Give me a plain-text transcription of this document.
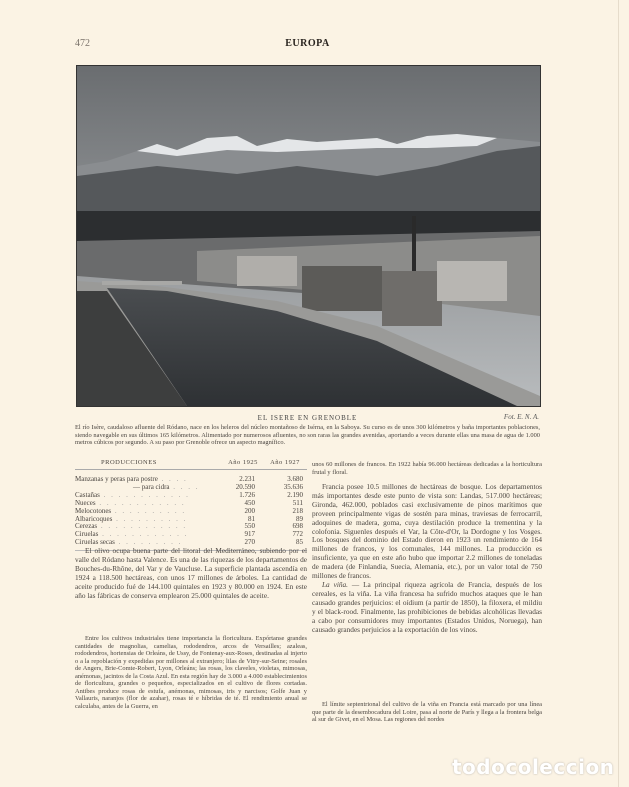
472	EUROPA
EL ISERE EN GRENOBLE	Fot. E. N. A.
El río Isère, caudaloso afluente del Ródano, nace en los heleros del núcleo montañoso de Isérna, en la Saboya. Su curso es de unos 300 kilómetros y baña importantes poblaciones, siendo navegable en sus últimos 165 kilómetros. Alimentado por numerosos afluentes, no son raras las grandes avenidas, aportando a veces durante ellas una masa de agua de 1.000 metros cúbicos por segundo. A su paso por Grenoble ofrece un aspecto magnífico.
PRODUCCIONES	Año 1925	Año 1927
Manzanas y peras para postre . . . .	2.231	3.680
— para cidra . . . .	20.590	35.636
Castañas . . . . . . . . . . . .	1.726	2.190
Nueces . . . . . . . . . . . .	450	511
Melocotones . . . . . . . . . .	200	218
Albaricoques . . . . . . . . . .	81	89
Cerezas . . . . . . . . . . . .	550	698
Ciruelas . . . . . . . . . . . .	917	772
Ciruelas secas . . . . . . . . .	270	85

El olivo ocupa buena parte del litoral del Mediterráneo, subiendo por el valle del Ródano hasta Valence. Es una de las riquezas de los departamentos de Bouches-du-Rhône, del Var y de Vaucluse. La superficie plantada ascendía en 1924 a 118.500 hectáreas, con unos 17 millones de árboles. La cantidad de aceite producido fué de 144.100 quintales en 1923 y 80.000 en 1924. En este año las fábricas de conserva emplearon 25.000 quintales de aceite.

Entre los cultivos industriales tiene importancia la floricultura. Expórtanse grandes cantidades de magnolias, camelias, rododendros, arcos de Versailles; azaleas, rododendros, hortensias de Orleáns, de Ussy, de Fontenay-aux-Roses, destinadas al injerto o a la repoblación y expedidas por millones al extranjero; lilas de Vitry-sur-Seine; rosales de Angers, Brie-Comte-Robert, Lyon, Orleáns; las rosas, los claveles, violetas, mimosas, anémonas, jacintos de la Costa Azul. En esta región hay de 3.000 a 4.000 establecimientos de floricultura, grandes o pequeños, especializados en el cultivo de flores cortadas. Antibes produce rosas de estufa, anémonas, mimosas, iris y narcisos; Golfe Juan y Vallauris, naranjos (flor de azahar), rosas té e híbridas de té. El rendimiento anual se calculaba, antes de la Guerra, en

unos 60 millones de francos. En 1922 había 96.000 hectáreas dedicadas a la horticultura frutal y floral.

Francia posee 10.5 millones de hectáreas de bosque. Los departamentos más importantes desde este punto de vista son: Landas, 517.000 hectáreas; Gironda, 462.000, poblados casi exclusivamente de pinos marítimos que proveen principalmente vigas de sostén para minas, traviesas de ferrocarril, adoquines de madera, goma, cuya destilación produce la trementina y la colofonia. Siguenles después el Var, la Côte-d'Or, la Dordogne y los Vosges. Los bosques del dominio del Estado dieron en 1923 un rendimiento de 164 millones de francos, y los comunales, 144 millones. La producción es insuficiente, ya que en este año hubo que importar 2.2 millones de toneladas de madera (de Finlandia, Suecia, Alemania, etc.), por un valor total de 750 millones de francos.

La viña. — La principal riqueza agrícola de Francia, después de los cereales, es la viña. La viña francesa ha sufrido muchos ataques que le han causado grandes perjuicios: el oídium (a partir de 1850), la filoxera, el mildiu y el black-rood. Finalmente, las prohibiciones de bebidas alcohólicas llevadas a cabo por consumidores muy importantes (Estados Unidos, Noruega), han causado grandes perjuicios a la exportación de los vinos.

El límite septentrional del cultivo de la viña en Francia está marcado por una línea que parte de la desembocadura del Loire, pasa al norte de París y llega a la frontera belga al sur de Givet, en el Mosa. Las regiones del nordes

todocoleccion
